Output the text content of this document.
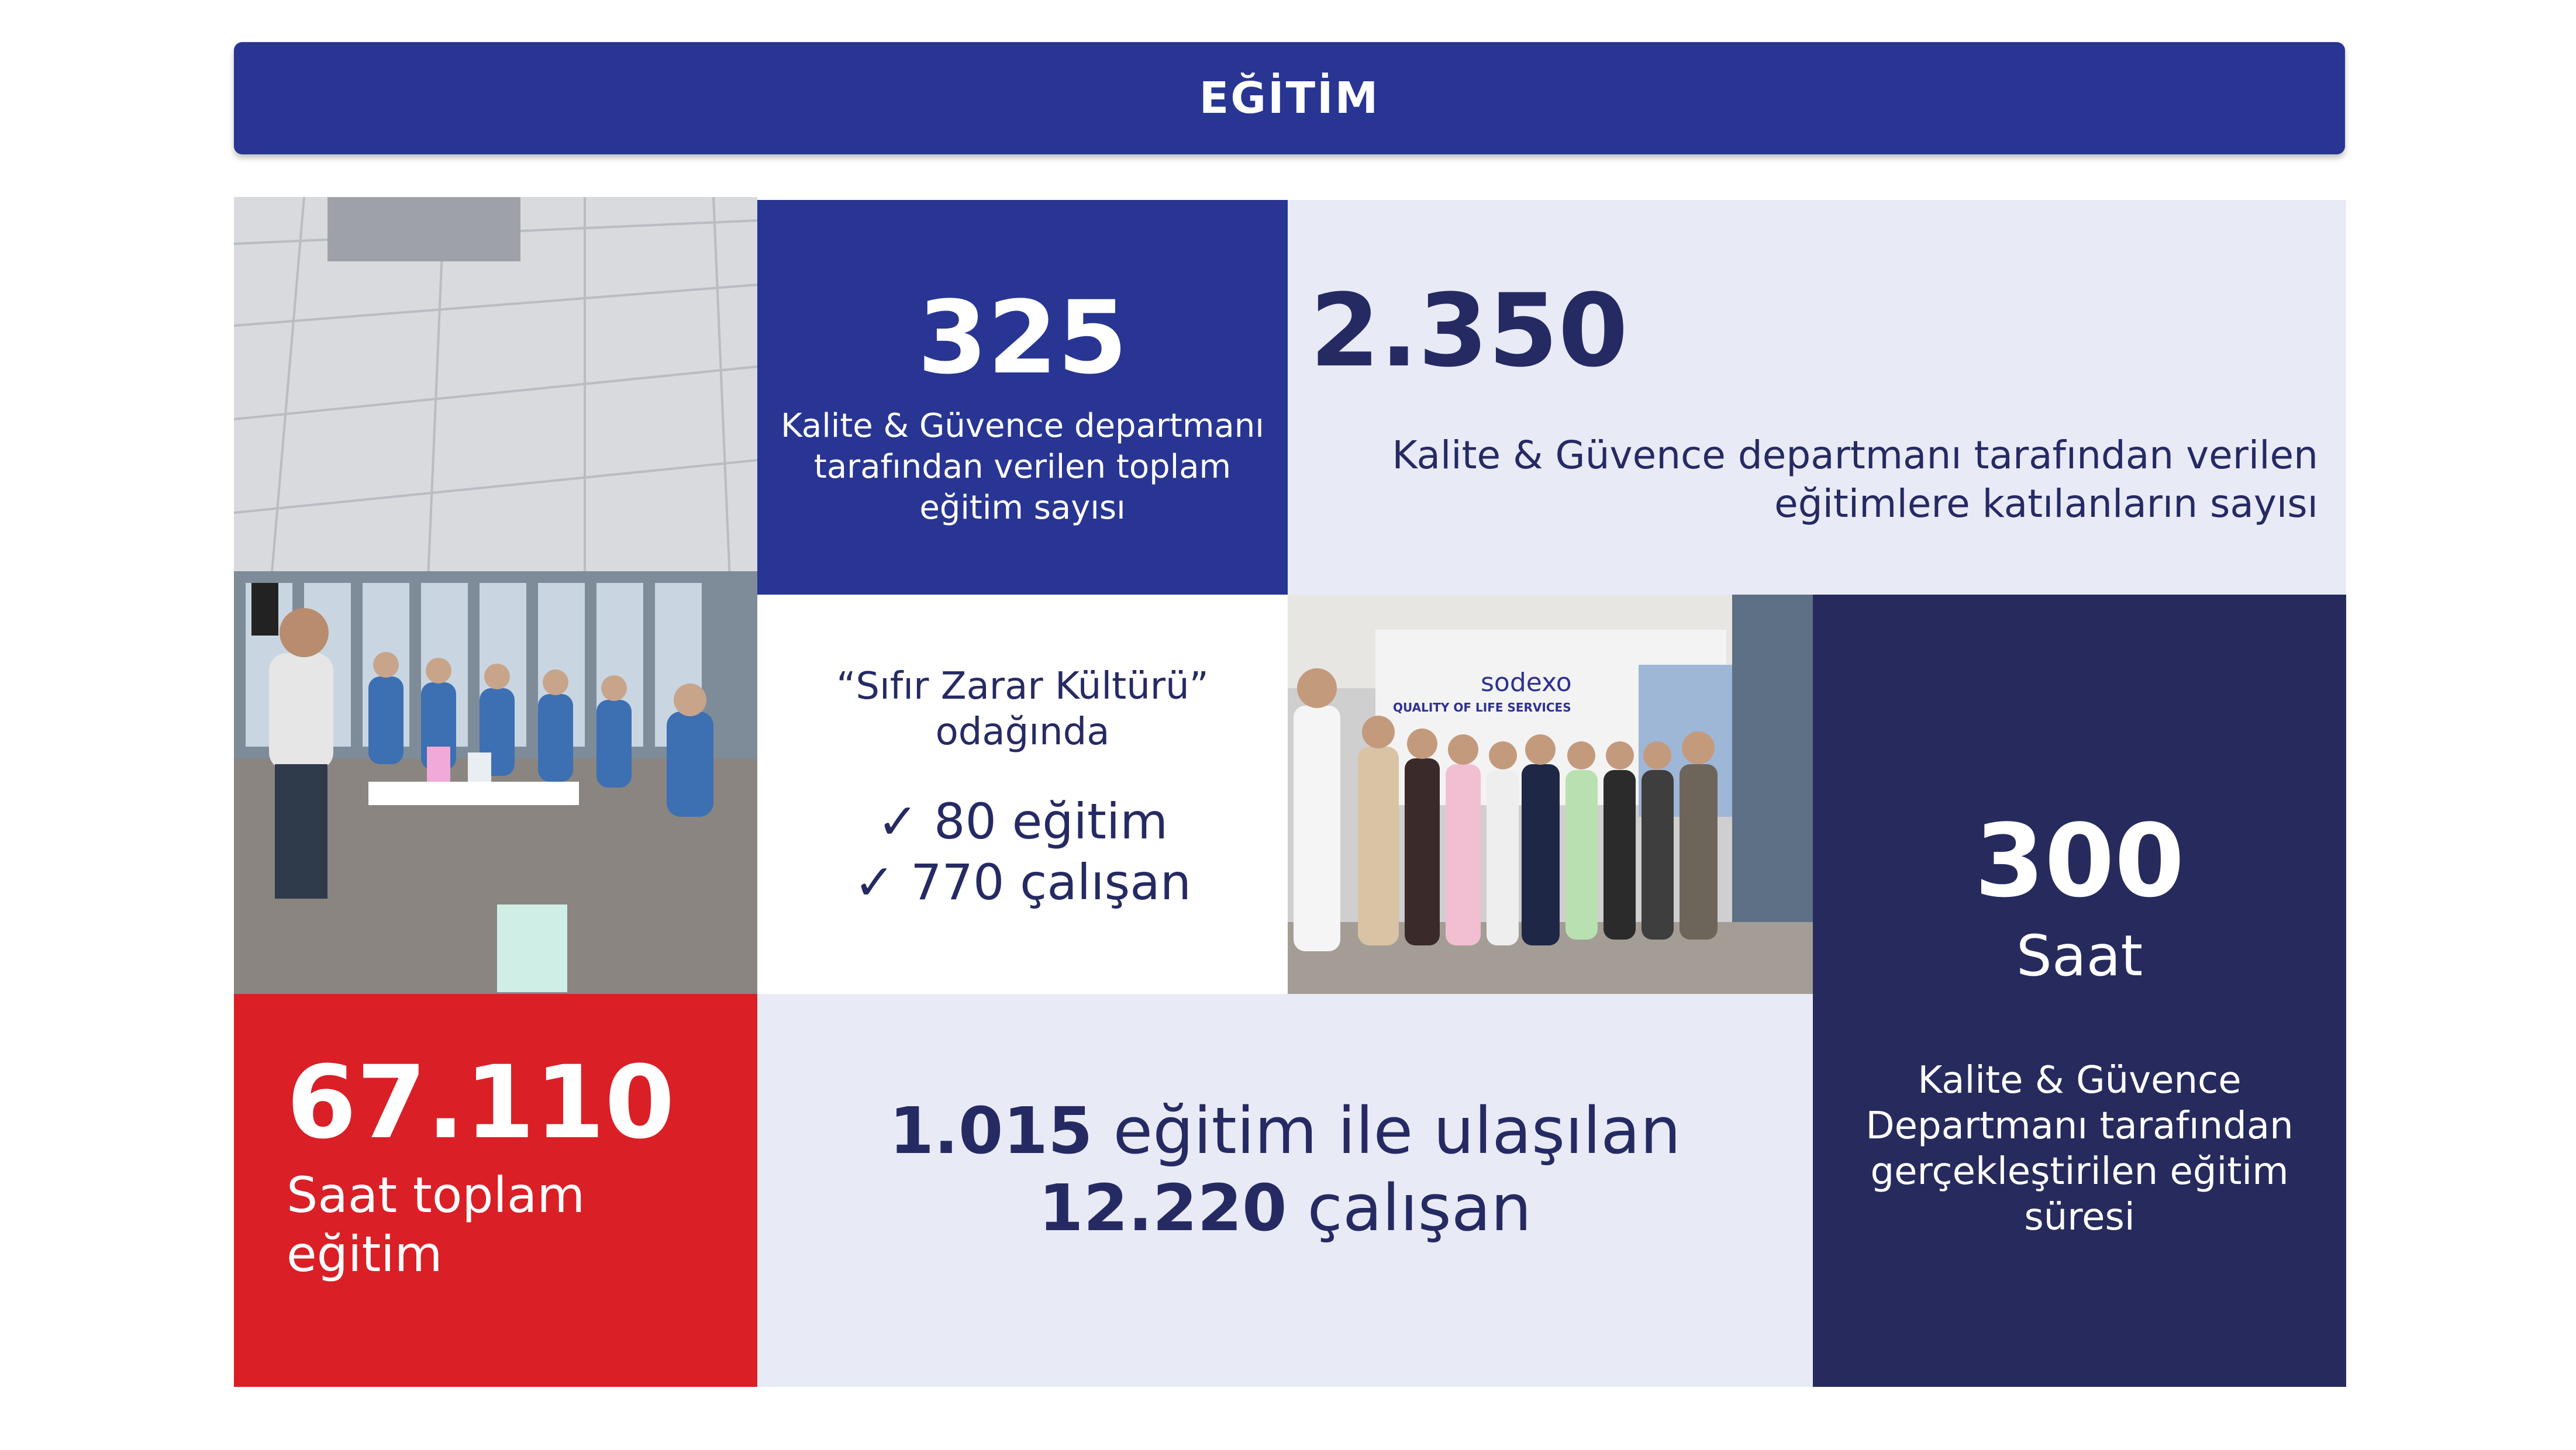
EĞİTİM
325
Kalite & Güvence departmanı
tarafından verilen toplam
eğitim sayısı
2.350
Kalite & Güvence departmanı tarafından verilen
eğitimlere katılanların sayısı
“Sıfır Zarar Kültürü”
odağında
✓ 80 eğitim
✓ 770 çalışan
sodexo
QUALITY OF LIFE SERVICES
300
Saat
Kalite & Güvence
Departmanı tarafından
gerçekleştirilen eğitim
süresi
67.110
Saat toplam
eğitim
1.015 eğitim ile ulaşılan
12.220 çalışan
